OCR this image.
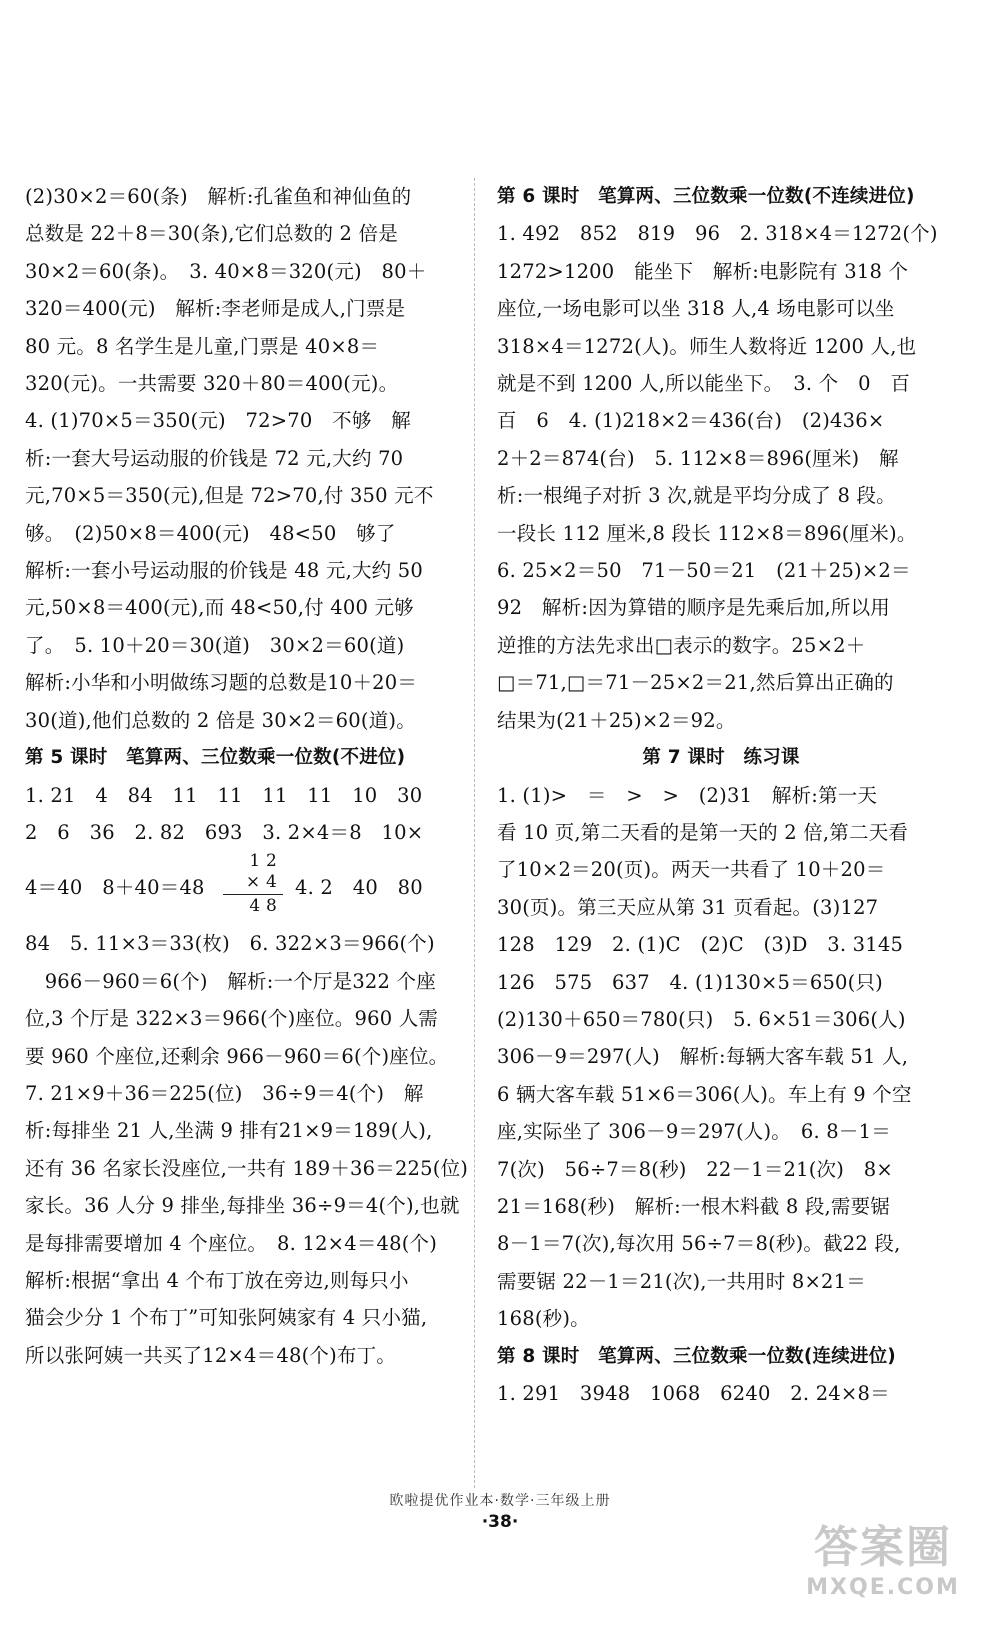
(2)30×2＝60(条)　解析:孔雀鱼和神仙鱼的
总数是 22＋8＝30(条),它们总数的 2 倍是
30×2＝60(条)。　3. 40×8＝320(元)　80＋
320＝400(元)　解析:李老师是成人,门票是
80 元。8 名学生是儿童,门票是 40×8＝
320(元)。一共需要 320＋80＝400(元)。
4. (1)70×5＝350(元)　72>70　不够　解
析:一套大号运动服的价钱是 72 元,大约 70
元,70×5＝350(元),但是 72>70,付 350 元不
够。　(2)50×8＝400(元)　48<50　够了
解析:一套小号运动服的价钱是 48 元,大约 50
元,50×8＝400(元),而 48<50,付 400 元够
了。　5. 10＋20＝30(道)　30×2＝60(道)
解析:小华和小明做练习题的总数是10＋20＝
30(道),他们总数的 2 倍是 30×2＝60(道)。
第 5 课时　笔算两、三位数乘一位数(不进位)
1. 21　4　84　11　11　11　11　10　30
2　6　36　2. 82　693　3. 2×4＝8　10×
4＝40　8＋40＝48
1 2
× 4
4 8
4. 2　40　80
84　5. 11×3＝33(枚)　6. 322×3＝966(个)
　966－960＝6(个)　解析:一个厅是322 个座
位,3 个厅是 322×3＝966(个)座位。960 人需
要 960 个座位,还剩余 966－960＝6(个)座位。
7. 21×9＋36＝225(位)　36÷9＝4(个)　解
析:每排坐 21 人,坐满 9 排有21×9＝189(人),
还有 36 名家长没座位,一共有 189＋36＝225(位)
家长。36 人分 9 排坐,每排坐 36÷9＝4(个),也就
是每排需要增加 4 个座位。　8. 12×4＝48(个)
解析:根据“拿出 4 个布丁放在旁边,则每只小
猫会少分 1 个布丁”可知张阿姨家有 4 只小猫,
所以张阿姨一共买了12×4＝48(个)布丁。
第 6 课时　笔算两、三位数乘一位数(不连续进位)
1. 492　852　819　96　2. 318×4＝1272(个)
1272>1200　能坐下　解析:电影院有 318 个
座位,一场电影可以坐 318 人,4 场电影可以坐
318×4＝1272(人)。师生人数将近 1200 人,也
就是不到 1200 人,所以能坐下。　3. 个　0　百
百　6　4. (1)218×2＝436(台)　(2)436×
2＋2＝874(台)　5. 112×8＝896(厘米)　解
析:一根绳子对折 3 次,就是平均分成了 8 段。
一段长 112 厘米,8 段长 112×8＝896(厘米)。
6. 25×2＝50　71－50＝21　(21＋25)×2＝
92　解析:因为算错的顺序是先乘后加,所以用
逆推的方法先求出□表示的数字。25×2＋
□＝71,□＝71－25×2＝21,然后算出正确的
结果为(21＋25)×2＝92。
第 7 课时　练习课
1. (1)>　＝　>　>　(2)31　解析:第一天
看 10 页,第二天看的是第一天的 2 倍,第二天看
了10×2＝20(页)。两天一共看了 10＋20＝
30(页)。第三天应从第 31 页看起。(3)127
128　129　2. (1)C　(2)C　(3)D　3. 3145
126　575　637　4. (1)130×5＝650(只)
(2)130＋650＝780(只)　5. 6×51＝306(人)
306－9＝297(人)　解析:每辆大客车载 51 人,
6 辆大客车载 51×6＝306(人)。车上有 9 个空
座,实际坐了 306－9＝297(人)。　6. 8－1＝
7(次)　56÷7＝8(秒)　22－1＝21(次)　8×
21＝168(秒)　解析:一根木料截 8 段,需要锯
8－1＝7(次),每次用 56÷7＝8(秒)。截22 段,
需要锯 22－1＝21(次),一共用时 8×21＝
168(秒)。
第 8 课时　笔算两、三位数乘一位数(连续进位)
1. 291　3948　1068　6240　2. 24×8＝
欧啦提优作业本·数学·三年级上册
·38·	答案圈
MXQE.COM
